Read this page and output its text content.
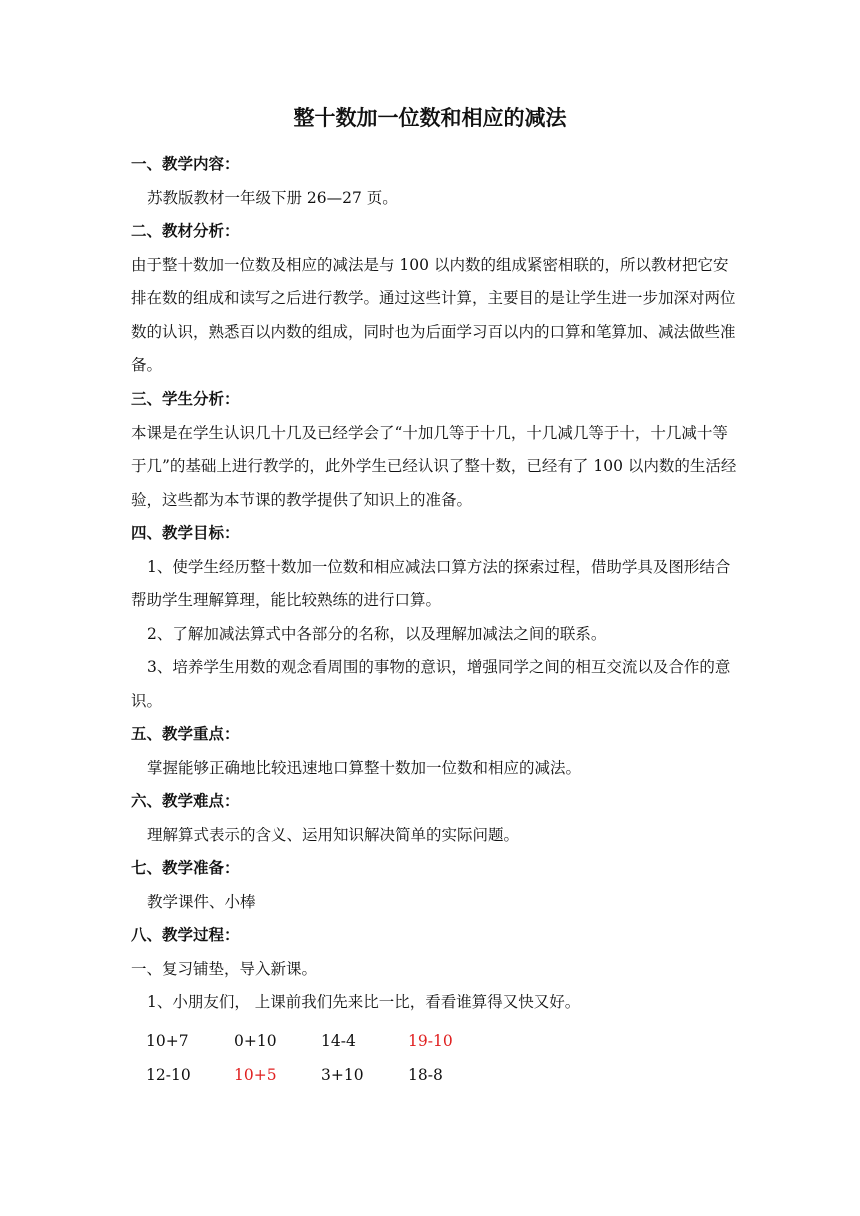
整十数加一位数和相应的减法
一、教学内容：
苏教版教材一年级下册 26—27 页。
二、教材分析：
由于整十数加一位数及相应的减法是与 100 以内数的组成紧密相联的，所以教材把它安排在数的组成和读写之后进行教学。通过这些计算，主要目的是让学生进一步加深对两位数的认识，熟悉百以内数的组成，同时也为后面学习百以内的口算和笔算加、减法做些准备。
三、学生分析：
本课是在学生认识几十几及已经学会了“十加几等于十几，十几减几等于十，十几减十等于几”的基础上进行教学的，此外学生已经认识了整十数，已经有了 100 以内数的生活经验，这些都为本节课的教学提供了知识上的准备。
四、教学目标：
1、使学生经历整十数加一位数和相应减法口算方法的探索过程，借助学具及图形结合帮助学生理解算理，能比较熟练的进行口算。
2、了解加减法算式中各部分的名称，以及理解加减法之间的联系。
3、培养学生用数的观念看周围的事物的意识，增强同学之间的相互交流以及合作的意识。
五、教学重点：
掌握能够正确地比较迅速地口算整十数加一位数和相应的减法。
六、教学难点：
理解算式表示的含义、运用知识解决简单的实际问题。
七、教学准备：
教学课件、小棒
八、教学过程：
一、复习铺垫，导入新课。
1、小朋友们， 上课前我们先来比一比，看看谁算得又快又好。
10+7	0+10	14-4	19-10
12-10	10+5	3+10	18-8
